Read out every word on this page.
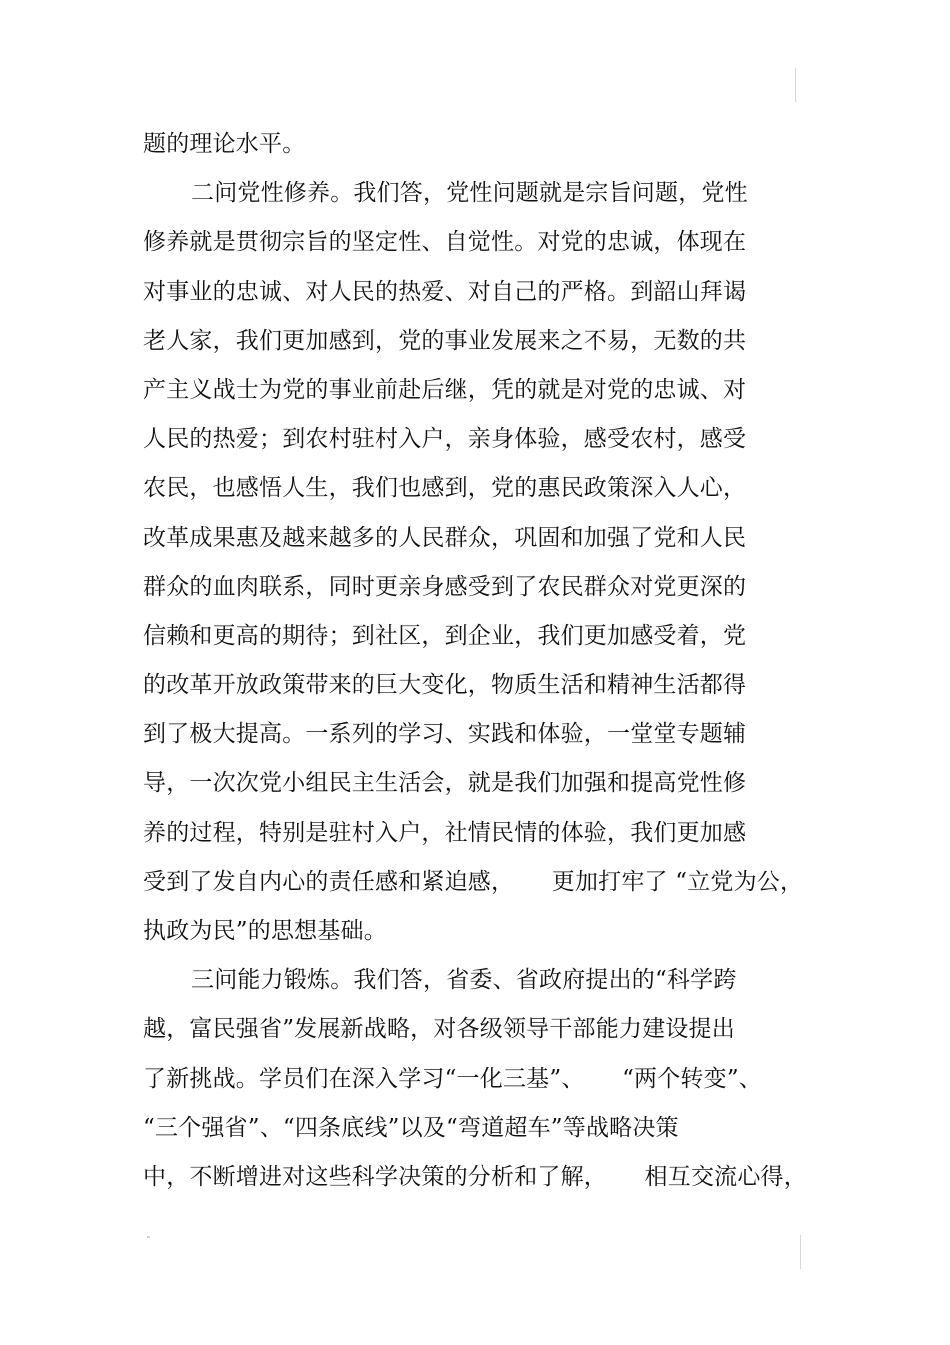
题的理论水平。
二问党性修养。我们答，党性问题就是宗旨问题，党性
修养就是贯彻宗旨的坚定性、自觉性。对党的忠诚，体现在
对事业的忠诚、对人民的热爱、对自己的严格。到韶山拜谒
老人家，我们更加感到，党的事业发展来之不易，无数的共
产主义战士为党的事业前赴后继，凭的就是对党的忠诚、对
人民的热爱；到农村驻村入户，亲身体验，感受农村，感受
农民，也感悟人生，我们也感到，党的惠民政策深入人心，
改革成果惠及越来越多的人民群众，巩固和加强了党和人民
群众的血肉联系，同时更亲身感受到了农民群众对党更深的
信赖和更高的期待；到社区，到企业，我们更加感受着，党
的改革开放政策带来的巨大变化，物质生活和精神生活都得
到了极大提高。一系列的学习、实践和体验，一堂堂专题辅
导，一次次党小组民主生活会，就是我们加强和提高党性修
养的过程，特别是驻村入户，社情民情的体验，我们更加感
受到了发自内心的责任感和紧迫感，     更加打牢了 “立党为公，
执政为民”的思想基础。
三问能力锻炼。我们答，省委、省政府提出的“科学跨
越，富民强省”发展新战略，对各级领导干部能力建设提出
了新挑战。学员们在深入学习“一化三基”、     “两个转变”、
“三个强省”、“四条底线”以及“弯道超车”等战略决策
中，不断增进对这些科学决策的分析和了解，     相互交流心得，
